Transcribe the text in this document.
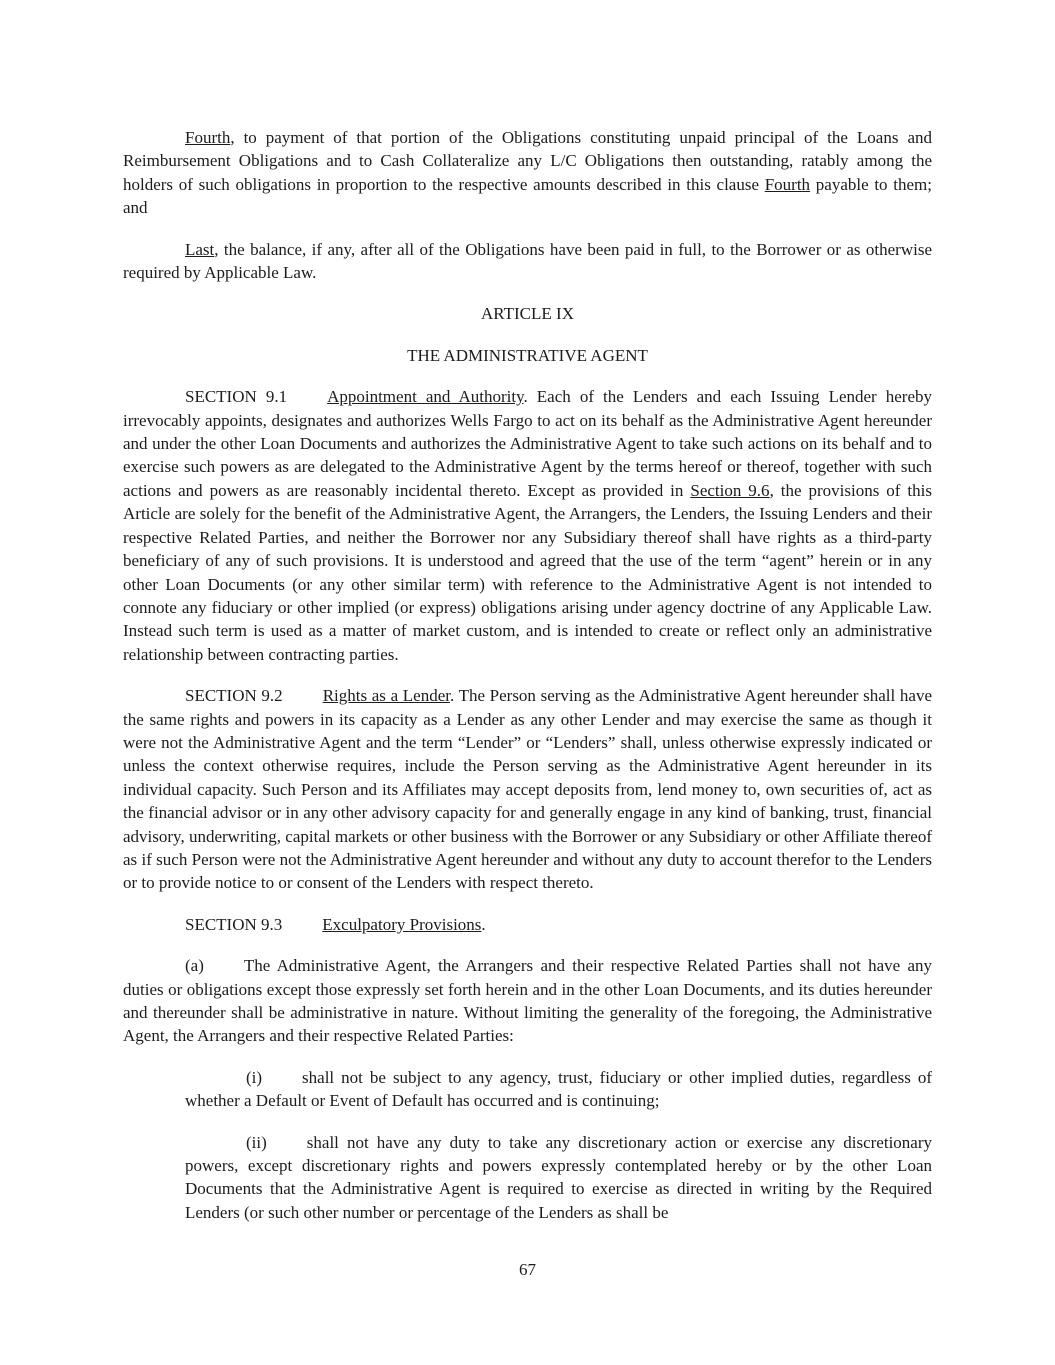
Fourth, to payment of that portion of the Obligations constituting unpaid principal of the Loans and Reimbursement Obligations and to Cash Collateralize any L/C Obligations then outstanding, ratably among the holders of such obligations in proportion to the respective amounts described in this clause Fourth payable to them; and

Last, the balance, if any, after all of the Obligations have been paid in full, to the Borrower or as otherwise required by Applicable Law.

ARTICLE IX

THE ADMINISTRATIVE AGENT

SECTION 9.1 Appointment and Authority. Each of the Lenders and each Issuing Lender hereby irrevocably appoints, designates and authorizes Wells Fargo to act on its behalf as the Administrative Agent hereunder and under the other Loan Documents and authorizes the Administrative Agent to take such actions on its behalf and to exercise such powers as are delegated to the Administrative Agent by the terms hereof or thereof, together with such actions and powers as are reasonably incidental thereto. Except as provided in Section 9.6, the provisions of this Article are solely for the benefit of the Administrative Agent, the Arrangers, the Lenders, the Issuing Lenders and their respective Related Parties, and neither the Borrower nor any Subsidiary thereof shall have rights as a third-party beneficiary of any of such provisions. It is understood and agreed that the use of the term “agent” herein or in any other Loan Documents (or any other similar term) with reference to the Administrative Agent is not intended to connote any fiduciary or other implied (or express) obligations arising under agency doctrine of any Applicable Law. Instead such term is used as a matter of market custom, and is intended to create or reflect only an administrative relationship between contracting parties.

SECTION 9.2 Rights as a Lender. The Person serving as the Administrative Agent hereunder shall have the same rights and powers in its capacity as a Lender as any other Lender and may exercise the same as though it were not the Administrative Agent and the term “Lender” or “Lenders” shall, unless otherwise expressly indicated or unless the context otherwise requires, include the Person serving as the Administrative Agent hereunder in its individual capacity. Such Person and its Affiliates may accept deposits from, lend money to, own securities of, act as the financial advisor or in any other advisory capacity for and generally engage in any kind of banking, trust, financial advisory, underwriting, capital markets or other business with the Borrower or any Subsidiary or other Affiliate thereof as if such Person were not the Administrative Agent hereunder and without any duty to account therefor to the Lenders or to provide notice to or consent of the Lenders with respect thereto.

SECTION 9.3 Exculpatory Provisions.

(a) The Administrative Agent, the Arrangers and their respective Related Parties shall not have any duties or obligations except those expressly set forth herein and in the other Loan Documents, and its duties hereunder and thereunder shall be administrative in nature. Without limiting the generality of the foregoing, the Administrative Agent, the Arrangers and their respective Related Parties:

(i) shall not be subject to any agency, trust, fiduciary or other implied duties, regardless of whether a Default or Event of Default has occurred and is continuing;

(ii) shall not have any duty to take any discretionary action or exercise any discretionary powers, except discretionary rights and powers expressly contemplated hereby or by the other Loan Documents that the Administrative Agent is required to exercise as directed in writing by the Required Lenders (or such other number or percentage of the Lenders as shall be

67
